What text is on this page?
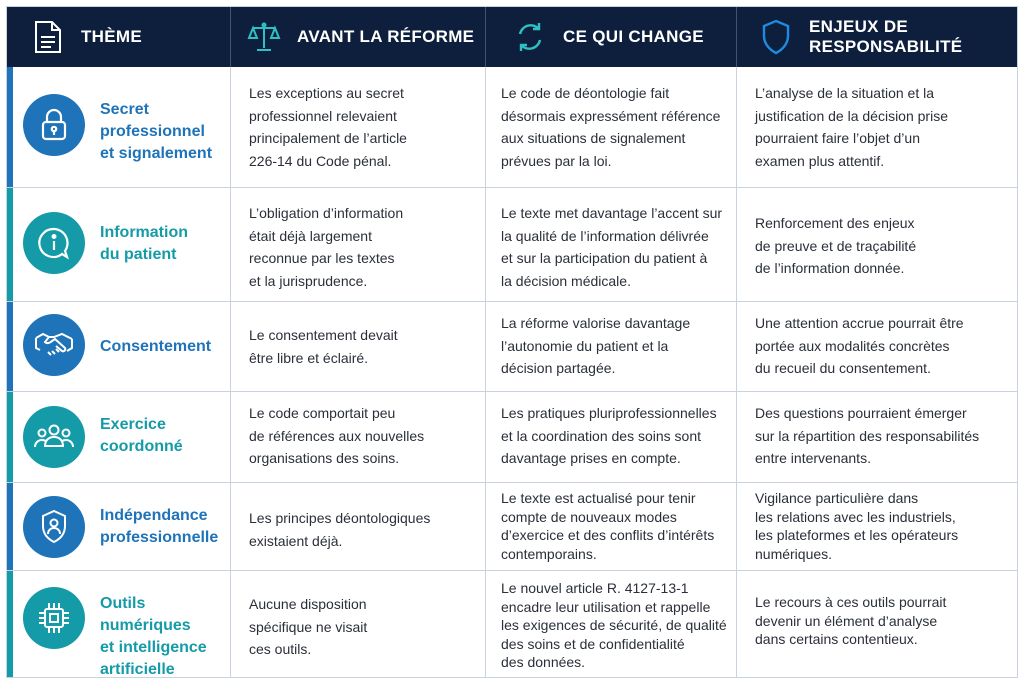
THÈME	AVANT LA RÉFORME	CE QUI CHANGE
ENJEUX DE RESPONSABILITÉ
Secret
professionnel
et signalement
Les exceptions au secret
professionnel relevaient
principalement de l’article
226-14 du Code pénal.
Le code de déontologie fait
désormais expressément référence
aux situations de signalement
prévues par la loi.
L’analyse de la situation et la
justification de la décision prise
pourraient faire l’objet d’un
examen plus attentif.
Information
du patient
L’obligation d’information
était déjà largement
reconnue par les textes
et la jurisprudence.
Le texte met davantage l’accent sur
la qualité de l’information délivrée
et sur la participation du patient à
la décision médicale.
Renforcement des enjeux
de preuve et de traçabilité
de l’information donnée.
Consentement
Le consentement devait
être libre et éclairé.
La réforme valorise davantage
l’autonomie du patient et la
décision partagée.
Une attention accrue pourrait être
portée aux modalités concrètes
du recueil du consentement.
Exercice
coordonné
Le code comportait peu
de références aux nouvelles
organisations des soins.
Les pratiques pluriprofessionnelles
et la coordination des soins sont
davantage prises en compte.
Des questions pourraient émerger
sur la répartition des responsabilités
entre intervenants.
Indépendance
professionnelle
Les principes déontologiques
existaient déjà.
Le texte est actualisé pour tenir
compte de nouveaux modes
d’exercice et des conflits d’intérêts
contemporains.
Vigilance particulière dans
les relations avec les industriels,
les plateformes et les opérateurs
numériques.
Outils numériques
et intelligence
artificielle
Aucune disposition
spécifique ne visait
ces outils.
Le nouvel article R. 4127-13-1
encadre leur utilisation et rappelle
les exigences de sécurité, de qualité
des soins et de confidentialité
des données.
Le recours à ces outils pourrait
devenir un élément d’analyse
dans certains contentieux.
